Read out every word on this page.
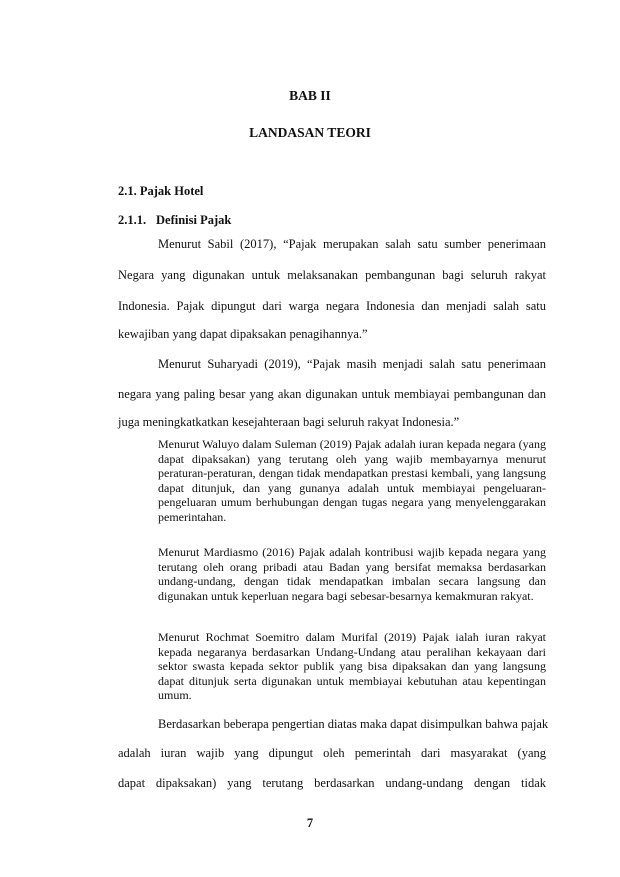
BAB II
LANDASAN TEORI
2.1. Pajak Hotel
2.1.1. Definisi Pajak
Menurut Sabil (2017), “Pajak merupakan salah satu sumber penerimaan
Negara yang digunakan untuk melaksanakan pembangunan bagi seluruh rakyat
Indonesia. Pajak dipungut dari warga negara Indonesia dan menjadi salah satu
kewajiban yang dapat dipaksakan penagihannya.”
Menurut Suharyadi (2019), “Pajak masih menjadi salah satu penerimaan
negara yang paling besar yang akan digunakan untuk membiayai pembangunan dan
juga meningkatkatkan kesejahteraan bagi seluruh rakyat Indonesia.”
Menurut Waluyo dalam Suleman (2019) Pajak adalah iuran kepada negara (yang dapat dipaksakan) yang terutang oleh yang wajib membayarnya menurut peraturan-peraturan, dengan tidak mendapatkan prestasi kembali, yang langsung dapat ditunjuk, dan yang gunanya adalah untuk membiayai pengeluaran-pengeluaran umum berhubungan dengan tugas negara yang menyelenggarakan pemerintahan.
Menurut Mardiasmo (2016) Pajak adalah kontribusi wajib kepada negara yang terutang oleh orang pribadi atau Badan yang bersifat memaksa berdasarkan undang-undang, dengan tidak mendapatkan imbalan secara langsung dan digunakan untuk keperluan negara bagi sebesar-besarnya kemakmuran rakyat.
Menurut Rochmat Soemitro dalam Murifal (2019) Pajak ialah iuran rakyat kepada negaranya berdasarkan Undang-Undang atau peralihan kekayaan dari sektor swasta kepada sektor publik yang bisa dipaksakan dan yang langsung dapat ditunjuk serta digunakan untuk membiayai kebutuhan atau kepentingan umum.
Berdasarkan beberapa pengertian diatas maka dapat disimpulkan bahwa pajak
adalah iuran wajib yang dipungut oleh pemerintah dari masyarakat (yang
dapat dipaksakan) yang terutang berdasarkan undang-undang dengan tidak
7
